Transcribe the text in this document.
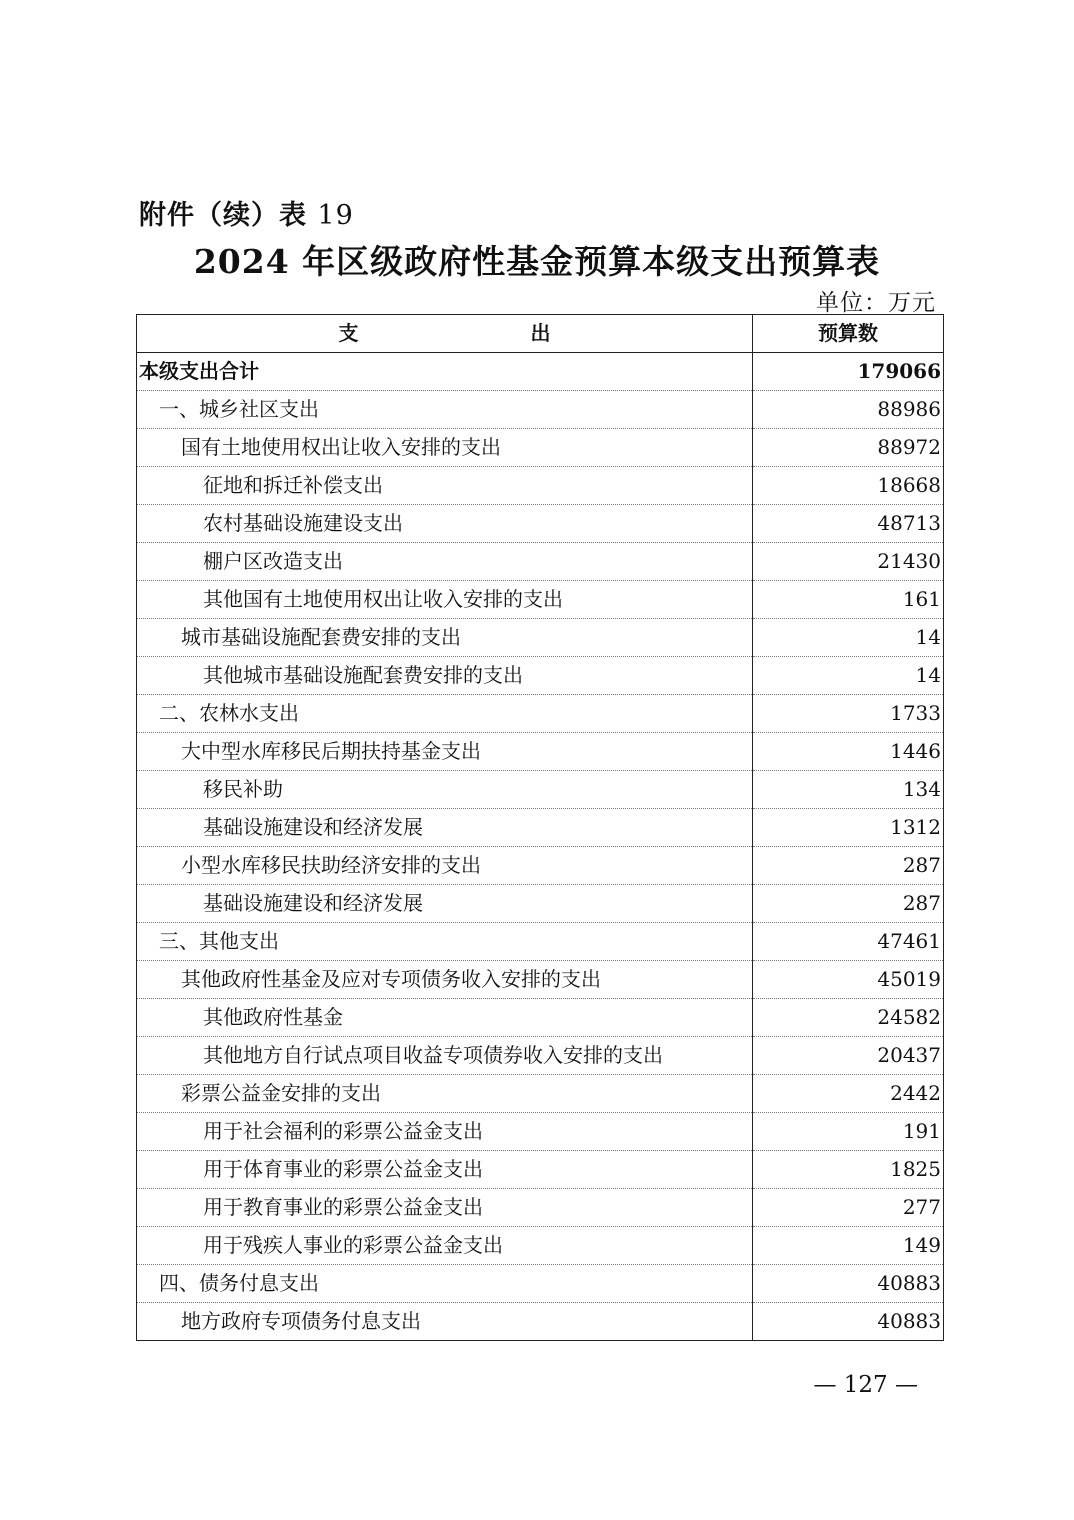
附件（续）表 19
2024 年区级政府性基金预算本级支出预算表
单位：万元
支 出	预算数
本级支出合计	179066
一、城乡社区支出	88986
国有土地使用权出让收入安排的支出	88972
征地和拆迁补偿支出	18668
农村基础设施建设支出	48713
棚户区改造支出	21430
其他国有土地使用权出让收入安排的支出	161
城市基础设施配套费安排的支出	14
其他城市基础设施配套费安排的支出	14
二、农林水支出	1733
大中型水库移民后期扶持基金支出	1446
移民补助	134
基础设施建设和经济发展	1312
小型水库移民扶助经济安排的支出	287
基础设施建设和经济发展	287
三、其他支出	47461
其他政府性基金及应对专项债务收入安排的支出	45019
其他政府性基金	24582
其他地方自行试点项目收益专项债券收入安排的支出	20437
彩票公益金安排的支出	2442
用于社会福利的彩票公益金支出	191
用于体育事业的彩票公益金支出	1825
用于教育事业的彩票公益金支出	277
用于残疾人事业的彩票公益金支出	149
四、债务付息支出	40883
地方政府专项债务付息支出	40883
— 127 —
